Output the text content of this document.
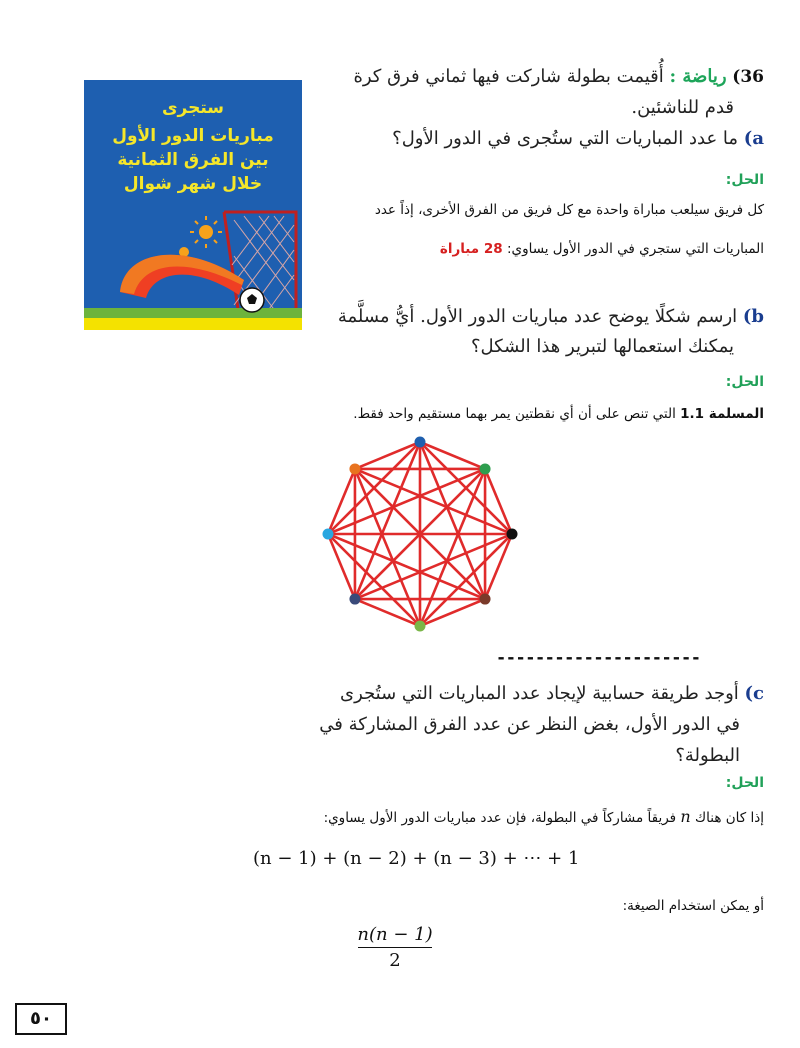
ستجرى
مباريات الدور الأول
بين الفرق الثمانية
خلال شهر شوال
36) رياضة : أُقيمت بطولة شاركت فيها ثماني فرق كرة
قدم للناشئين.
a) ما عدد المباريات التي ستُجرى في الدور الأول؟
الحل:
كل فريق سيلعب مباراة واحدة مع كل فريق من الفرق الأخرى، إذاً عدد
المباريات التي ستجري في الدور الأول يساوي: 28 مباراة
b) ارسم شكلًا يوضح عدد مباريات الدور الأول. أيُّ مسلَّمة
يمكنك استعمالها لتبرير هذا الشكل؟
الحل:
المسلمة 1.1 التي تنص على أن أي نقطتين يمر بهما مستقيم واحد فقط.
---------------------
c) أوجد طريقة حسابية لإيجاد عدد المباريات التي ستُجرى
في الدور الأول، بغض النظر عن عدد الفرق المشاركة في
البطولة؟
الحل:
إذا كان هناك n فريقاً مشاركاً في البطولة، فإن عدد مباريات الدور الأول يساوي:
(n − 1) + (n − 2) + (n − 3) + ⋯ + 1
أو يمكن استخدام الصيغة:
n(n − 1)
2
٥٠
